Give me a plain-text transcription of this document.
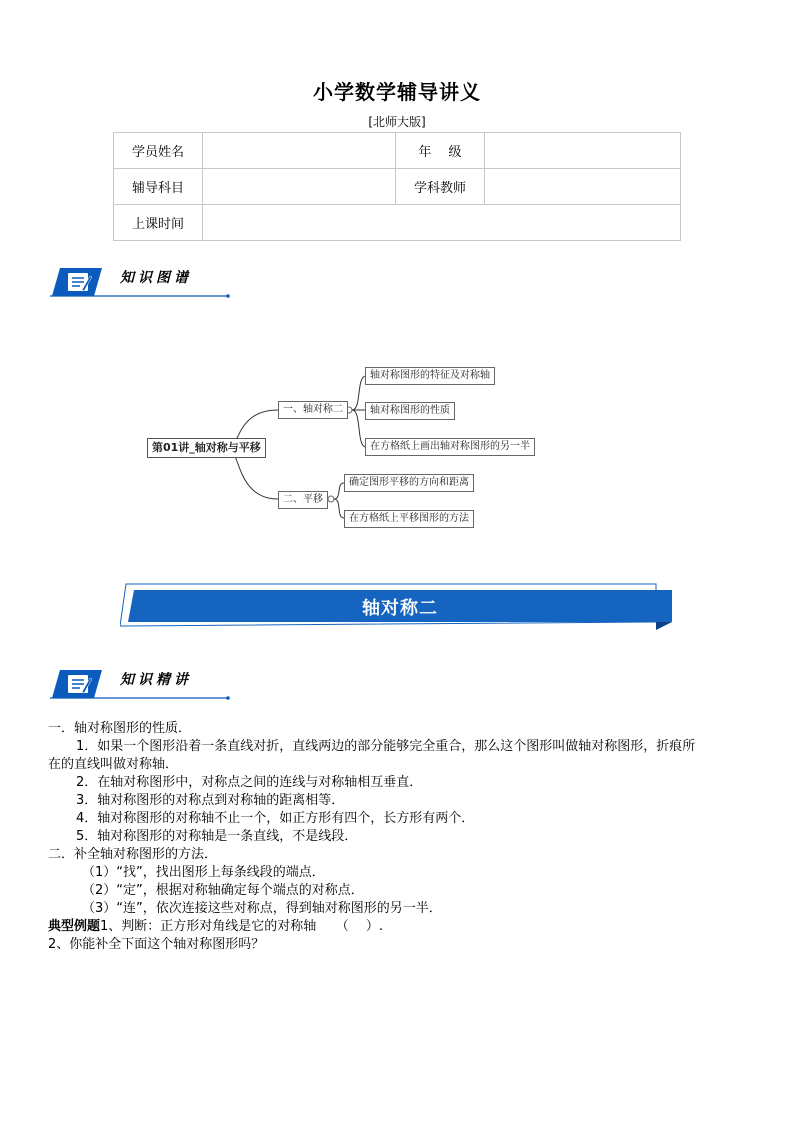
小学数学辅导讲义
[北师大版]
学员姓名		年　 级	
辅导科目		学科教师	
上课时间			
知识图谱
第01讲_轴对称与平移
一、轴对称二
轴对称图形的特征及对称轴
轴对称图形的性质
在方格纸上画出轴对称图形的另一半
二、平移
确定图形平移的方向和距离
在方格纸上平移图形的方法
轴对称二
知识精讲
一．轴对称图形的性质．
1．如果一个图形沿着一条直线对折，直线两边的部分能够完全重合，那么这个图形叫做轴对称图形，折痕所
在的直线叫做对称轴．
2．在轴对称图形中，对称点之间的连线与对称轴相互垂直．
3．轴对称图形的对称点到对称轴的距离相等．
4．轴对称图形的对称轴不止一个，如正方形有四个，长方形有两个．
5．轴对称图形的对称轴是一条直线，不是线段．
二．补全轴对称图形的方法．
（1）“找”，找出图形上每条线段的端点．
（2）“定”，根据对称轴确定每个端点的对称点．
（3）“连”，依次连接这些对称点，得到轴对称图形的另一半．
典型例题1、判断：正方形对角线是它的对称轴　　（　 ）.
2、你能补全下面这个轴对称图形吗？
